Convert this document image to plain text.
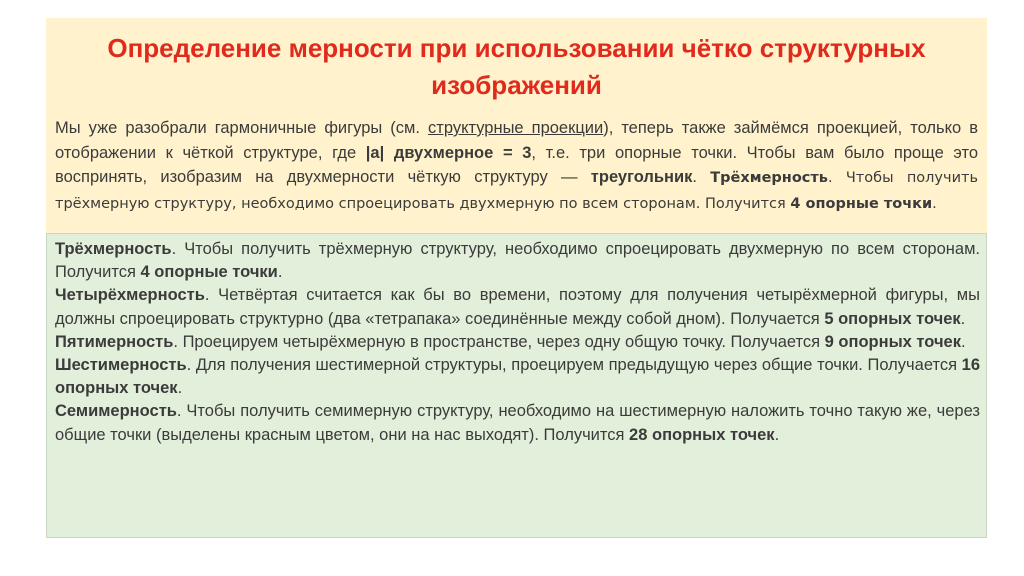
Определение мерности при использовании чётко структурных изображений
Мы уже разобрали гармоничные фигуры (см. структурные проекции), теперь также займёмся проекцией, только в отображении к чёткой структуре, где |a| двухмерное = 3, т.е. три опорные точки. Чтобы вам было проще это воспринять, изобразим на двухмерности чёткую структуру — треугольник. Трёхмерность. Чтобы получить трёхмерную структуру, необходимо спроецировать двухмерную по всем сторонам. Получится 4 опорные точки.

Трёхмерность. Чтобы получить трёхмерную структуру, необходимо спроецировать двухмерную по всем сторонам. Получится 4 опорные точки.

Четырёхмерность. Четвёртая считается как бы во времени, поэтому для получения четырёхмерной фигуры, мы должны спроецировать структурно (два «тетрапака» соединённые между собой дном). Получается 5 опорных точек.

Пятимерность. Проецируем четырёхмерную в пространстве, через одну общую точку. Получается 9 опорных точек.

Шестимерность. Для получения шестимерной структуры, проецируем предыдущую через общие точки. Получается 16 опорных точек.

Семимерность. Чтобы получить семимерную структуру, необходимо на шестимерную наложить точно такую же, через общие точки (выделены красным цветом, они на нас выходят). Получится 28 опорных точек.
